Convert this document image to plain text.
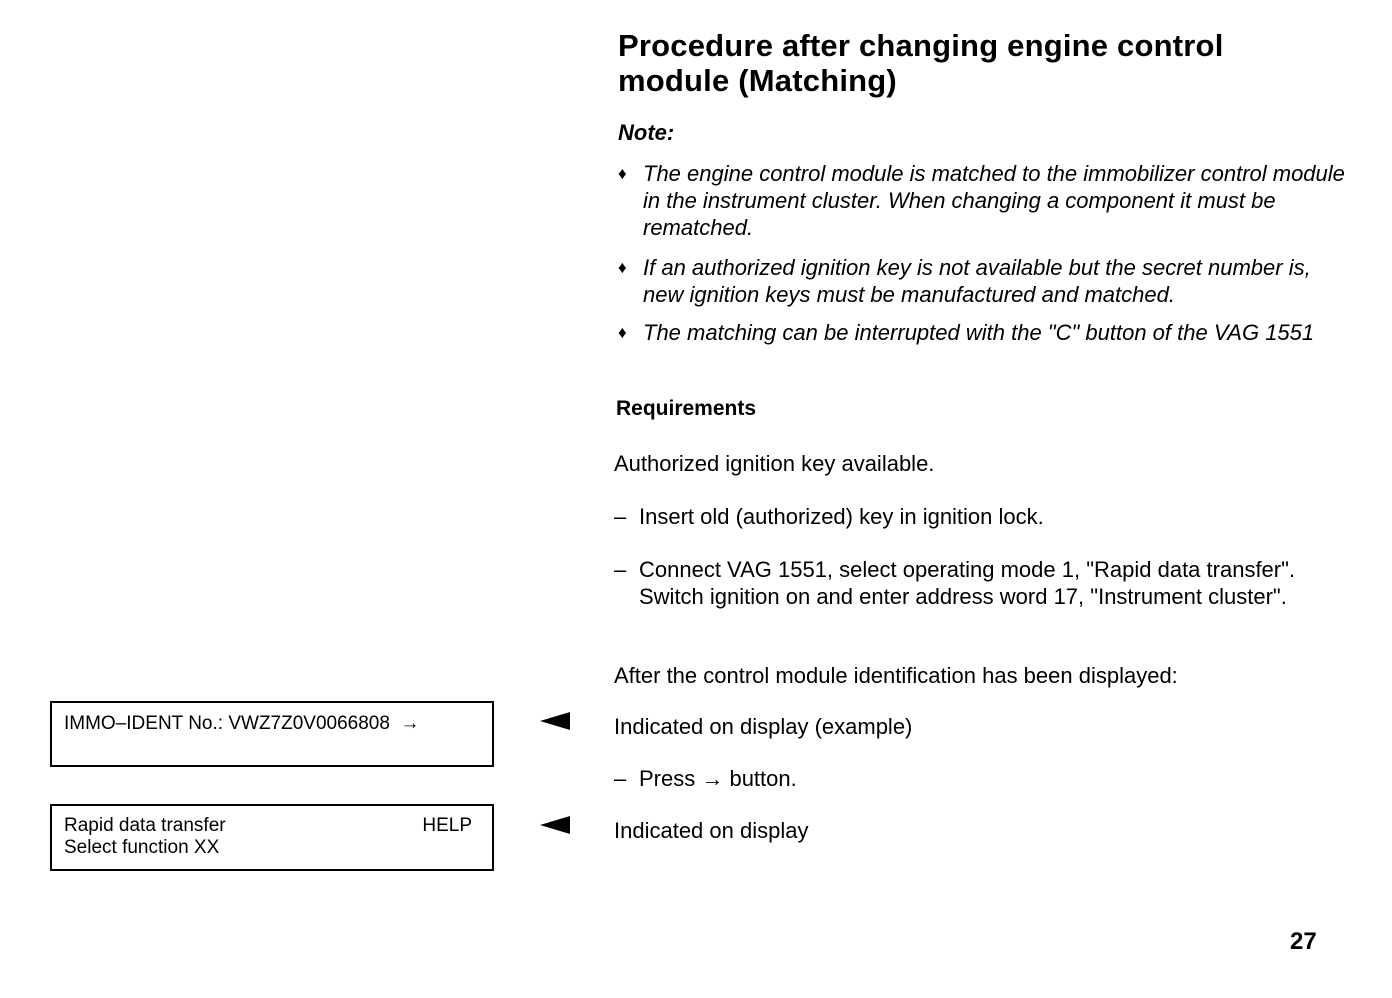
Procedure after changing engine control
module (Matching)
Note:
♦ The engine control module is matched to the immobilizer control module in the instrument cluster. When changing a component it must be rematched.
♦ If an authorized ignition key is not available but the secret number is, new ignition keys must be manufactured and matched.
♦ The matching can be interrupted with the "C" button of the VAG 1551
Requirements
Authorized ignition key available.
– Insert old (authorized) key in ignition lock.
– Connect VAG 1551, select operating mode 1, "Rapid data transfer". Switch ignition on and enter address word 17, "Instrument cluster".
After the control module identification has been displayed:
Indicated on display (example)
– Press → button.
Indicated on display
IMMO–IDENT No.: VWZ7Z0V0066808  →
Rapid data transfer	HELP
Select function XX
27
